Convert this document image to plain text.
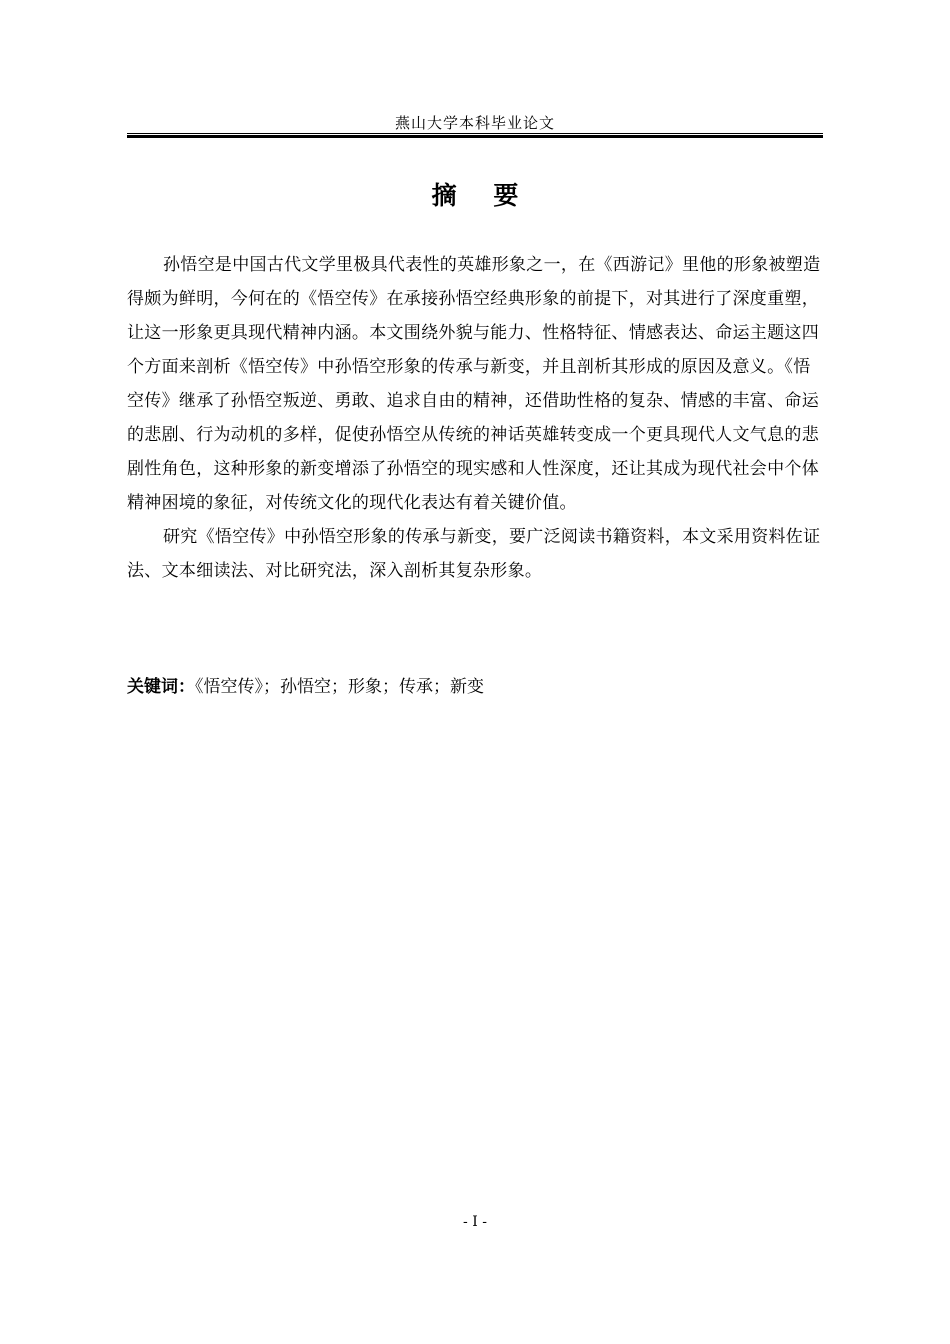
燕山大学本科毕业论文
摘 要

孙悟空是中国古代文学里极具代表性的英雄形象之一，在《西游记》里他的形象被塑造得颇为鲜明，今何在的《悟空传》在承接孙悟空经典形象的前提下，对其进行了深度重塑，让这一形象更具现代精神内涵。本文围绕外貌与能力、性格特征、情感表达、命运主题这四个方面来剖析《悟空传》中孙悟空形象的传承与新变，并且剖析其形成的原因及意义。《悟空传》继承了孙悟空叛逆、勇敢、追求自由的精神，还借助性格的复杂、情感的丰富、命运的悲剧、行为动机的多样，促使孙悟空从传统的神话英雄转变成一个更具现代人文气息的悲剧性角色，这种形象的新变增添了孙悟空的现实感和人性深度，还让其成为现代社会中个体精神困境的象征，对传统文化的现代化表达有着关键价值。

研究《悟空传》中孙悟空形象的传承与新变，要广泛阅读书籍资料，本文采用资料佐证法、文本细读法、对比研究法，深入剖析其复杂形象。

关键词：《悟空传》；孙悟空；形象；传承；新变
- I -
